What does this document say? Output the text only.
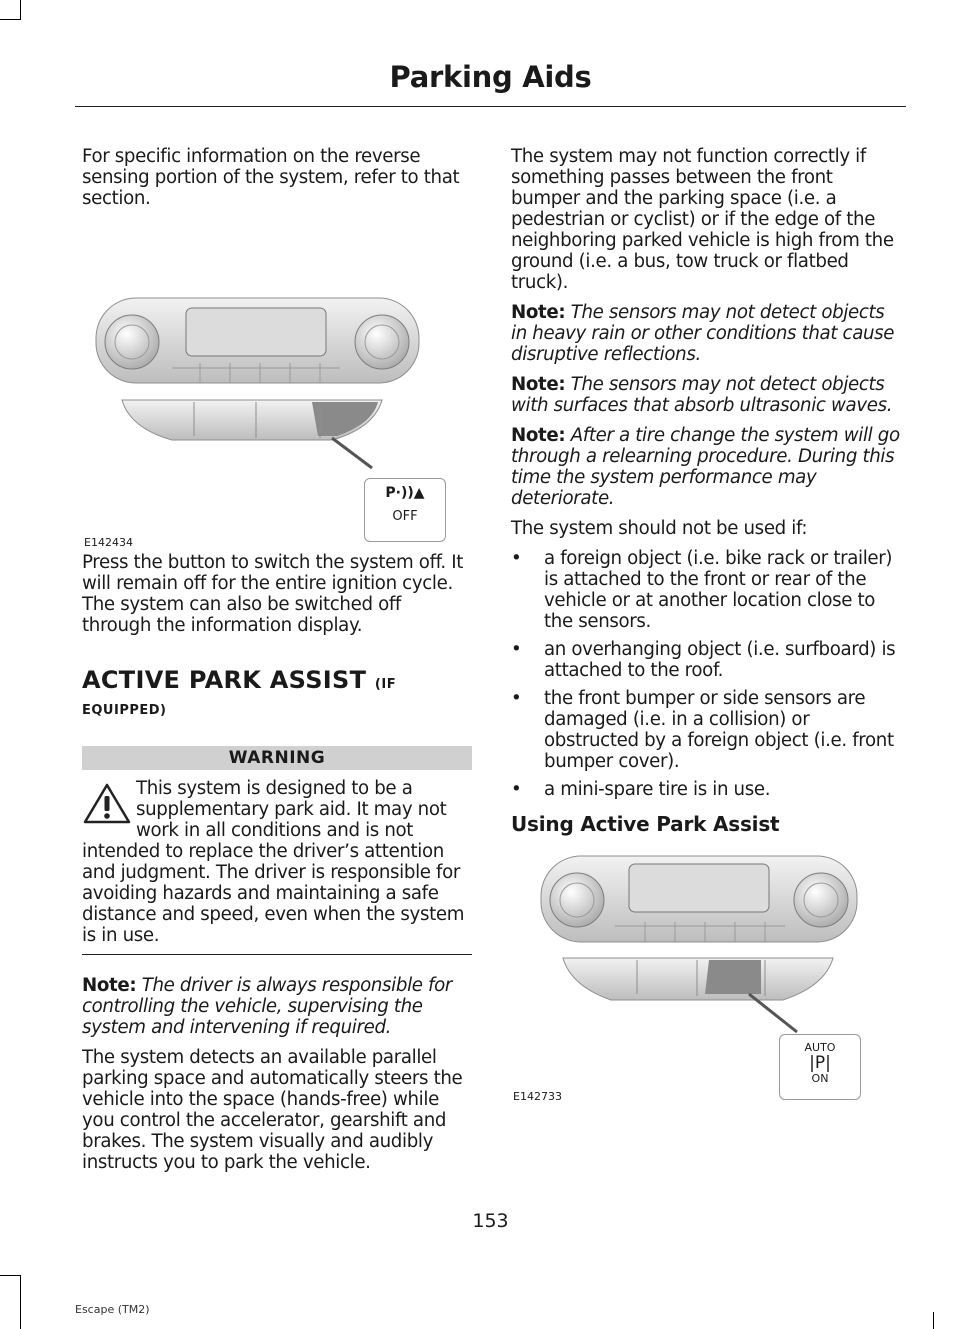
Parking Aids

For specific information on the reverse sensing portion of the system, refer to that section.

P·))▲
OFF
E142434

Press the button to switch the system off. It will remain off for the entire ignition cycle. The system can also be switched off through the information display.

ACTIVE PARK ASSIST (IF
EQUIPPED)
WARNING

This system is designed to be a supplementary park aid. It may not work in all conditions and is not intended to replace the driver’s attention and judgment. The driver is responsible for avoiding hazards and maintaining a safe distance and speed, even when the system is in use.

Note: The driver is always responsible for controlling the vehicle, supervising the system and intervening if required.

The system detects an available parallel parking space and automatically steers the vehicle into the space (hands-free) while you control the accelerator, gearshift and brakes. The system visually and audibly instructs you to park the vehicle.

The system may not function correctly if something passes between the front bumper and the parking space (i.e. a pedestrian or cyclist) or if the edge of the neighboring parked vehicle is high from the ground (i.e. a bus, tow truck or flatbed truck).

Note: The sensors may not detect objects in heavy rain or other conditions that cause disruptive reflections.

Note: The sensors may not detect objects with surfaces that absorb ultrasonic waves.

Note: After a tire change the system will go through a relearning procedure. During this time the system performance may deteriorate.

The system should not be used if:

• a foreign object (i.e. bike rack or trailer) is attached to the front or rear of the vehicle or at another location close to the sensors.
• an overhanging object (i.e. surfboard) is attached to the roof.
• the front bumper or side sensors are damaged (i.e. in a collision) or obstructed by a foreign object (i.e. front bumper cover).
• a mini-spare tire is in use.
Using Active Park Assist
AUTO
|P|
ON
E142733
153
Escape (TM2)
